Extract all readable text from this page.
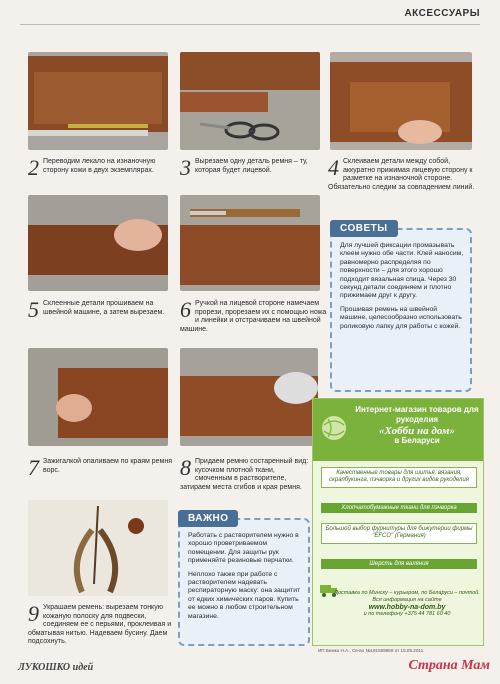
АКСЕССУАРЫ
2 Переводим лекало на изнаночную сторону кожи в двух экземплярах.	3 Вырезаем одну деталь ремня – ту, которая будет лицевой.	4 Склеиваем детали между собой, аккуратно прижимая лицевую сторону к разметке на изнаночной стороне. Обязательно следим за совпадением линий.
СОВЕТЫ

Для лучшей фиксации промазывать клеем нужно обе части. Клей наносим, равномерно распределяя по поверхности – для этого хорошо подходит вязальная спица. Через 30 секунд детали соединяем и плотно прижимаем друг к другу.

Прошивая ремень на швейной машине, целесообразно использовать роликовую лапку для работы с кожей.

5 Склеенные детали прошиваем на швейной машине, а затем вырезаем. 6 Ручкой на лицевой стороне намечаем прорези, прорезаем их с помощью ножа и линейки и отстрачиваем на швейной машине.
7 Зажигалкой опаливаем по краям ремня ворс.	8 Придаем ремню состаренный вид: кусочком плотной ткани, смоченным в растворителе, затираем места сгибов и края ремня.
ВАЖНО

Работать с растворителем нужно в хорошо проветриваемом помещении. Для защиты рук применяйте резиновые перчатки.

Неплохо также при работе с растворителем надевать респираторную маску: она защитит от едких химических паров. Купить ее можно в любом строительном магазине.

9 Украшаем ремень: вырезаем тонкую кожаную полоску для подвески, соединяем ее с перьями, проклеивая и обматывая нитью. Надеваем бусину. Даем подсохнуть.
Интернет-магазин товаров для рукоделия
«Хобби на дом»
в Беларуси
Качественные товары для шитья, вязания, скрапбукинга, пэчворка и других видов рукоделия
Хлопчатобумажные ткани для пэчворка
Большой выбор фурнитуры для бижутерии фирмы "EFCO" (Германия)
Шерсть для валяния
Доставка по Минску – курьером, по Беларуси – почтой. Вся информация на сайте
www.hobby-na-dom.by
и по телефону +375 44 781 60 40
ИП Бемко Н.А., Св-во №191589969 от 15.09.2011
ЛУКОШКО идей	Страна Мам
